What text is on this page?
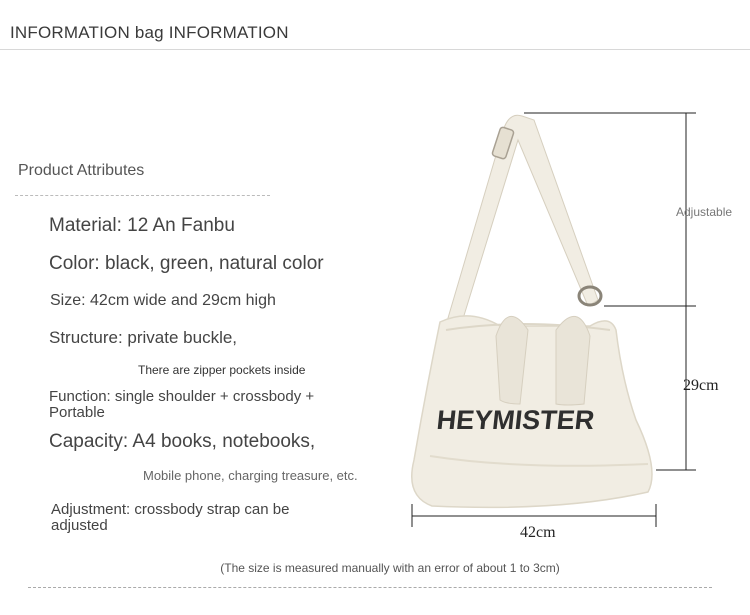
INFORMATION bag INFORMATION
Product Attributes
Material: 12 An Fanbu
Color: black, green, natural color
Size: 42cm wide and 29cm high
Structure: private buckle,
There are zipper pockets inside
Function: single shoulder + crossbody + Portable
Capacity: A4 books, notebooks,
Mobile phone, charging treasure, etc.
Adjustment: crossbody strap can be adjusted
HEYMISTER
Adjustable
29cm
42cm
(The size is measured manually with an error of about 1 to 3cm)
